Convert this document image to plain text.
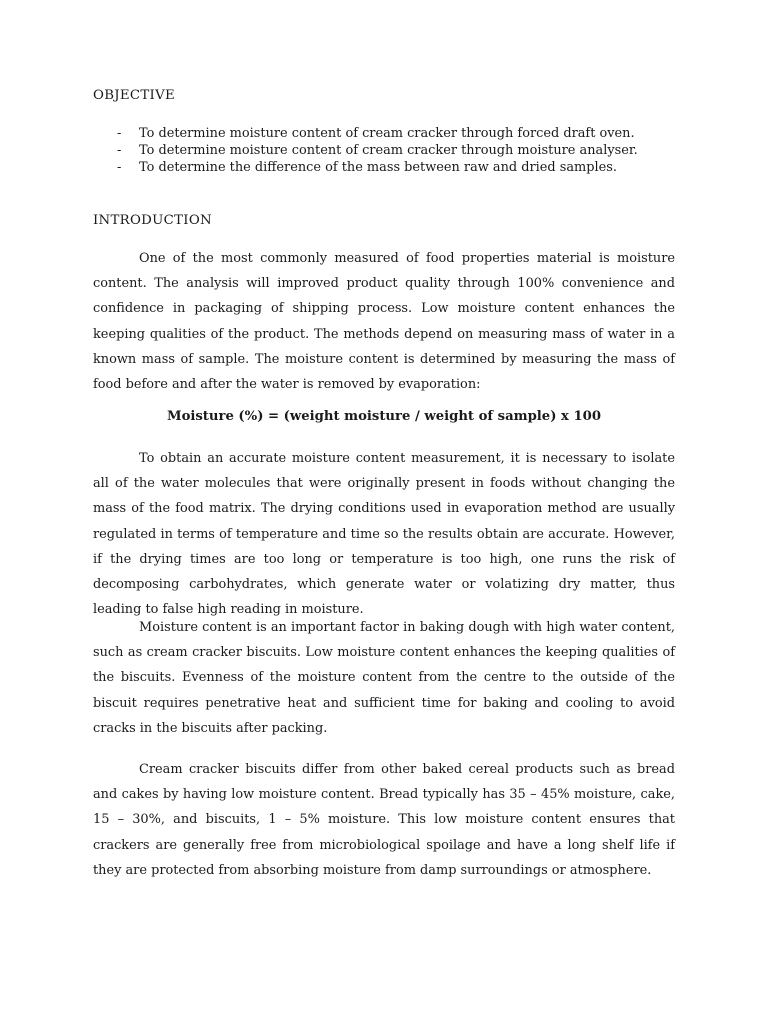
OBJECTIVE
-	To determine moisture content of cream cracker through forced draft oven.
-	To determine moisture content of cream cracker through moisture analyser.
-	To determine the difference of the mass between raw and dried samples.
INTRODUCTION

One of the most commonly measured of food properties material is moisture content. The analysis will improved product quality through 100% convenience and confidence in packaging of shipping process. Low moisture content enhances the keeping qualities of the product. The methods depend on measuring mass of water in a known mass of sample. The moisture content is determined by measuring the mass of food before and after the water is removed by evaporation:

Moisture (%) = (weight moisture / weight of sample) x 100

To obtain an accurate moisture content measurement, it is necessary to isolate all of the water molecules that were originally present in foods without changing the mass of the food matrix. The drying conditions used in evaporation method are usually regulated in terms of temperature and time so the results obtain are accurate. However, if the drying times are too long or temperature is too high, one runs the risk of decomposing carbohydrates, which generate water or volatizing dry matter, thus leading to false high reading in moisture.

Moisture content is an important factor in baking dough with high water content, such as cream cracker biscuits. Low moisture content enhances the keeping qualities of the biscuits. Evenness of the moisture content from the centre to the outside of the biscuit requires penetrative heat and sufficient time for baking and cooling to avoid cracks in the biscuits after packing.

Cream cracker biscuits differ from other baked cereal products such as bread and cakes by having low moisture content. Bread typically has 35 – 45% moisture, cake, 15 – 30%, and biscuits, 1 – 5% moisture. This low moisture content ensures that crackers are generally free from microbiological spoilage and have a long shelf life if they are protected from absorbing moisture from damp surroundings or atmosphere.
